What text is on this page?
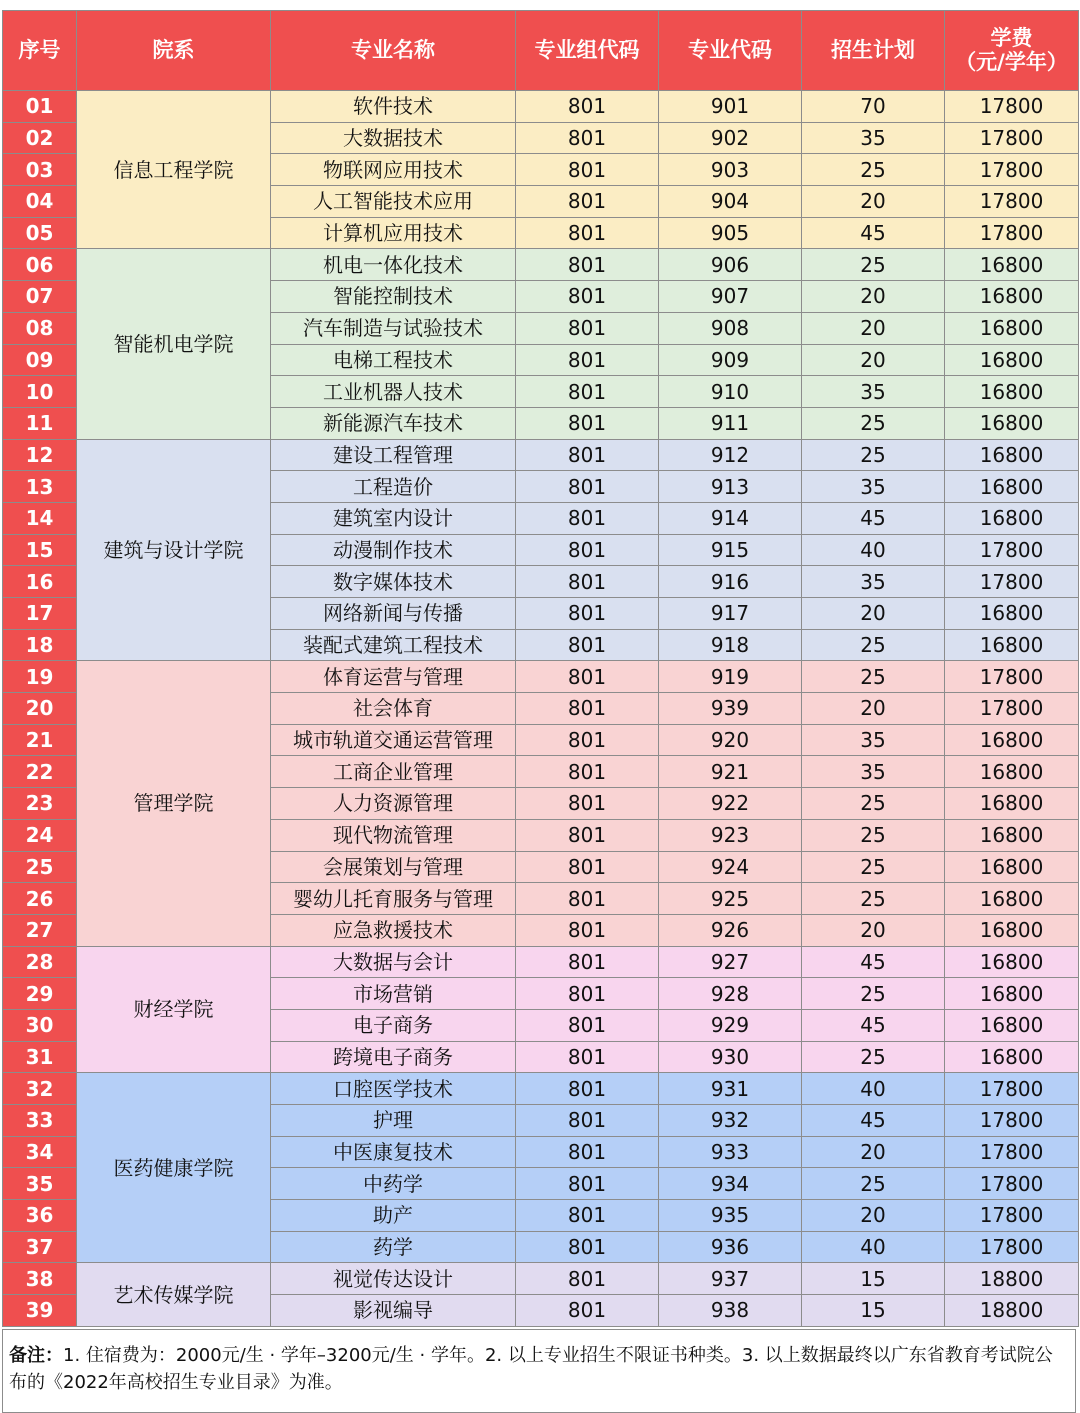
序号	院系	专业名称	专业组代码	专业代码	招生计划	学费
（元/学年）
01	信息工程学院	软件技术	801	901	70	17800
02		大数据技术	801	902	35	17800
03		物联网应用技术	801	903	25	17800
04		人工智能技术应用	801	904	20	17800
05		计算机应用技术	801	905	45	17800
06	智能机电学院	机电一体化技术	801	906	25	16800
07		智能控制技术	801	907	20	16800
08		汽车制造与试验技术	801	908	20	16800
09		电梯工程技术	801	909	20	16800
10		工业机器人技术	801	910	35	16800
11		新能源汽车技术	801	911	25	16800
12	建筑与设计学院	建设工程管理	801	912	25	16800
13		工程造价	801	913	35	16800
14		建筑室内设计	801	914	45	16800
15		动漫制作技术	801	915	40	17800
16		数字媒体技术	801	916	35	17800
17		网络新闻与传播	801	917	20	16800
18		装配式建筑工程技术	801	918	25	16800
19	管理学院	体育运营与管理	801	919	25	17800
20		社会体育	801	939	20	17800
21		城市轨道交通运营管理	801	920	35	16800
22		工商企业管理	801	921	35	16800
23		人力资源管理	801	922	25	16800
24		现代物流管理	801	923	25	16800
25		会展策划与管理	801	924	25	16800
26		婴幼儿托育服务与管理	801	925	25	16800
27		应急救援技术	801	926	20	16800
28	财经学院	大数据与会计	801	927	45	16800
29		市场营销	801	928	25	16800
30		电子商务	801	929	45	16800
31		跨境电子商务	801	930	25	16800
32	医药健康学院	口腔医学技术	801	931	40	17800
33		护理	801	932	45	17800
34		中医康复技术	801	933	20	17800
35		中药学	801	934	25	17800
36		助产	801	935	20	17800
37		药学	801	936	40	17800
38	艺术传媒学院	视觉传达设计	801	937	15	18800
39		影视编导	801	938	15	18800
备注：1. 住宿费为：2000元/生 · 学年–3200元/生 · 学年。2. 以上专业招生不限证书种类。3. 以上数据最终以广东省教育考试院公布的《2022年高校招生专业目录》为准。
